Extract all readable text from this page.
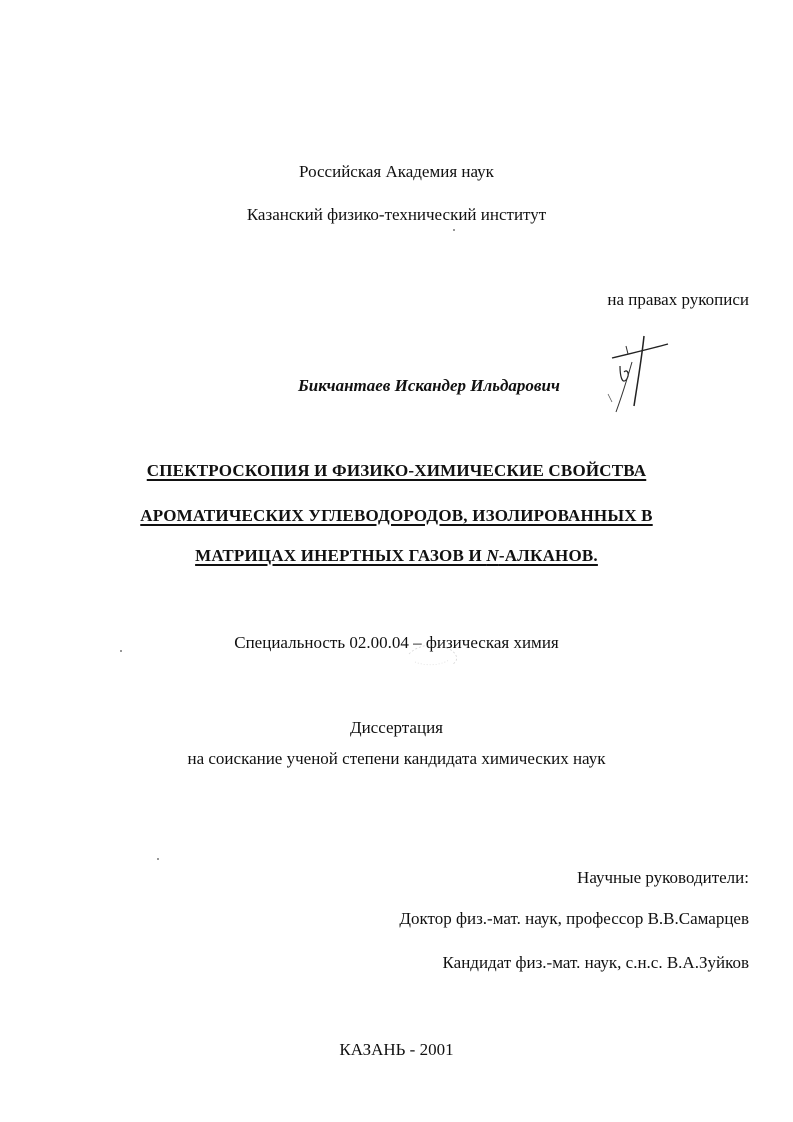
Российская Академия наук
Казанский физико-технический институт
на правах рукописи
Бикчантаев Искандер Ильдарович
СПЕКТРОСКОПИЯ И ФИЗИКО-ХИМИЧЕСКИЕ СВОЙСТВА
АРОМАТИЧЕСКИХ УГЛЕВОДОРОДОВ, ИЗОЛИРОВАННЫХ В
МАТРИЦАХ ИНЕРТНЫХ ГАЗОВ И N-АЛКАНОВ.
Специальность 02.00.04 – физическая химия
Диссертация
на соискание ученой степени кандидата химических наук
Научные руководители:
Доктор физ.-мат. наук, профессор В.В.Самарцев
Кандидат физ.-мат. наук, с.н.с. В.А.Зуйков
КАЗАНЬ - 2001
